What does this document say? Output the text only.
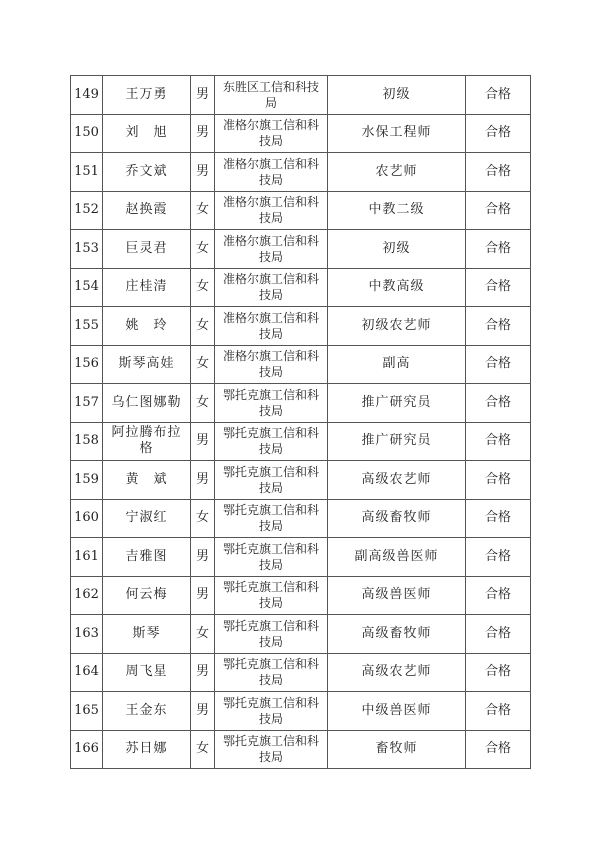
149	王万勇	男	东胜区工信和科技局	初级	合格
150	刘　旭	男	准格尔旗工信和科技局	水保工程师	合格
151	乔文斌	男	准格尔旗工信和科技局	农艺师	合格
152	赵换霞	女	准格尔旗工信和科技局	中教二级	合格
153	巨灵君	女	准格尔旗工信和科技局	初级	合格
154	庄桂清	女	准格尔旗工信和科技局	中教高级	合格
155	姚　玲	女	准格尔旗工信和科技局	初级农艺师	合格
156	斯琴高娃	女	准格尔旗工信和科技局	副高	合格
157	乌仁图娜勒	女	鄂托克旗工信和科技局	推广研究员	合格
158	阿拉腾布拉格	男	鄂托克旗工信和科技局	推广研究员	合格
159	黄　斌	男	鄂托克旗工信和科技局	高级农艺师	合格
160	宁淑红	女	鄂托克旗工信和科技局	高级畜牧师	合格
161	吉雅图	男	鄂托克旗工信和科技局	副高级兽医师	合格
162	何云梅	男	鄂托克旗工信和科技局	高级兽医师	合格
163	斯琴	女	鄂托克旗工信和科技局	高级畜牧师	合格
164	周飞星	男	鄂托克旗工信和科技局	高级农艺师	合格
165	王金东	男	鄂托克旗工信和科技局	中级兽医师	合格
166	苏日娜	女	鄂托克旗工信和科技局	畜牧师	合格
